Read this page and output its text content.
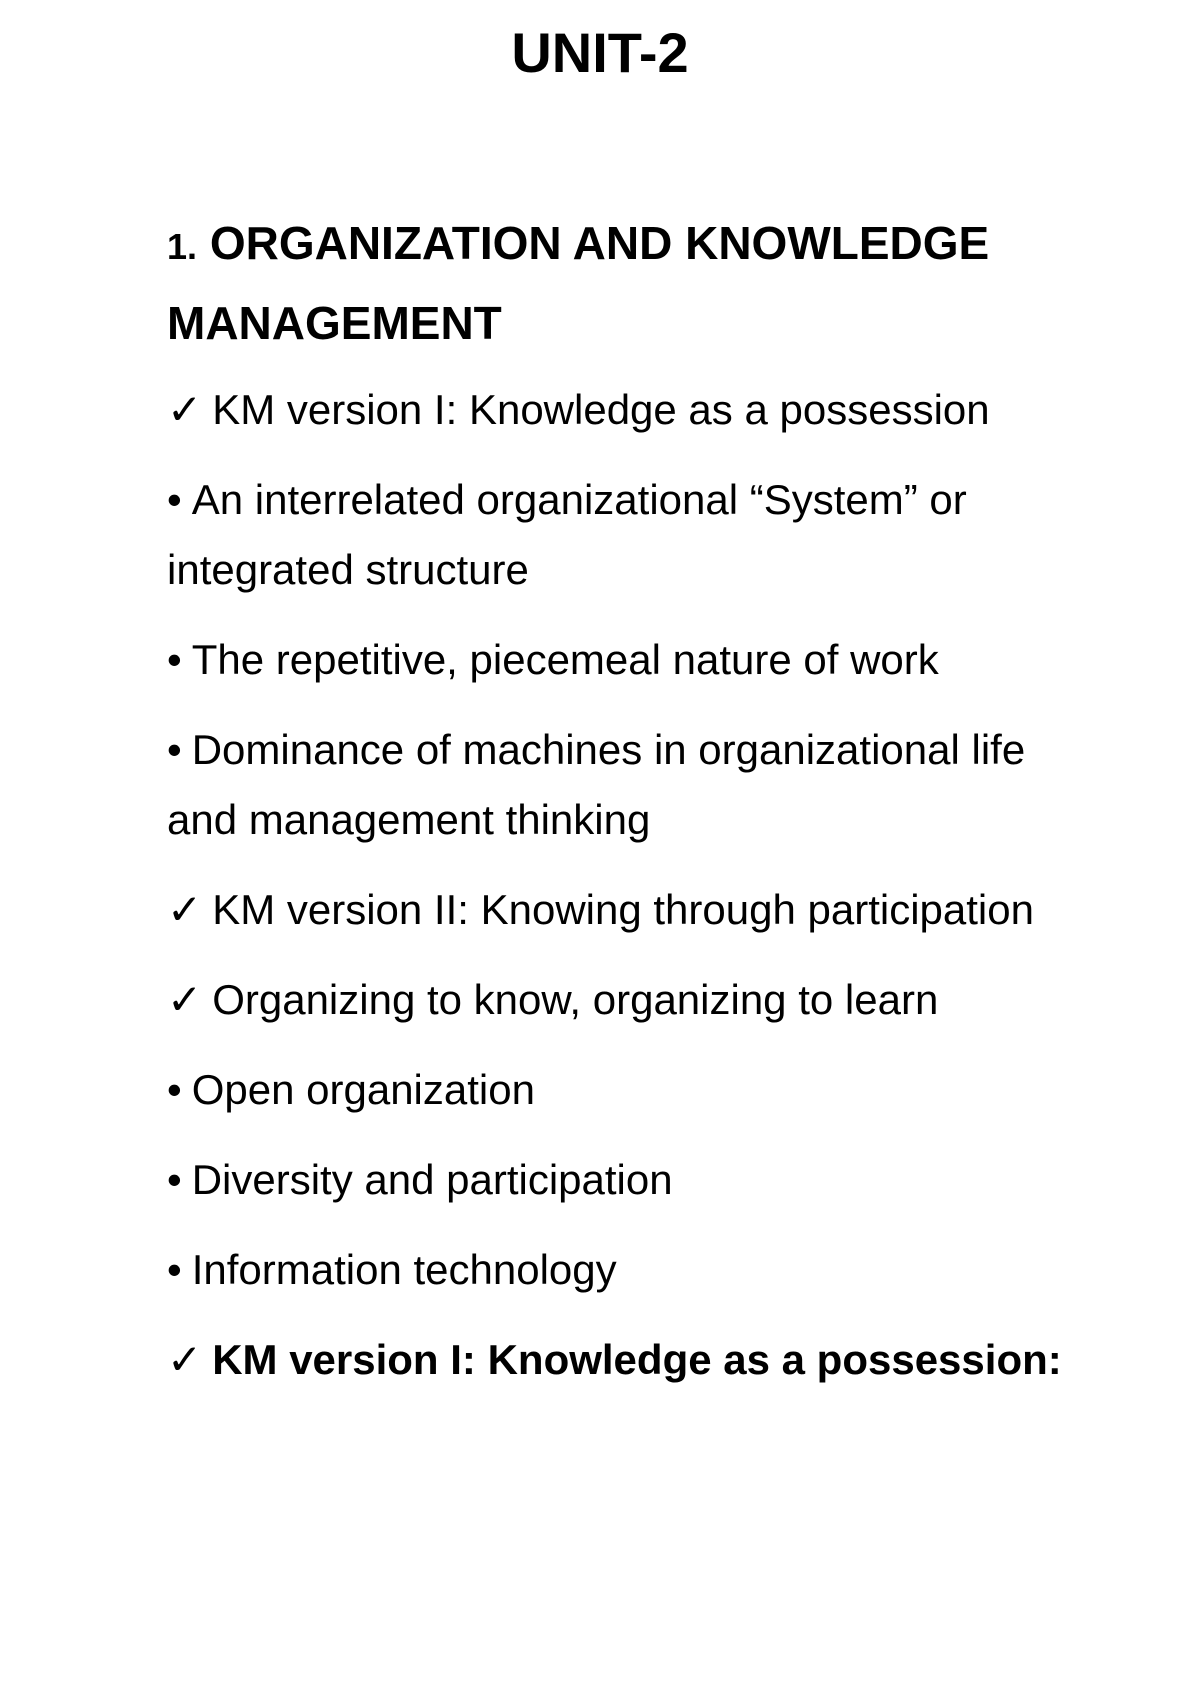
UNIT-2
1. ORGANIZATION AND KNOWLEDGE MANAGEMENT

✓ KM version I: Knowledge as a possession

• An interrelated organizational “System” or integrated structure

• The repetitive, piecemeal nature of work

• Dominance of machines in organizational life and management thinking

✓ KM version II: Knowing through participation

✓ Organizing to know, organizing to learn

• Open organization

• Diversity and participation

• Information technology

✓ KM version I: Knowledge as a possession:
